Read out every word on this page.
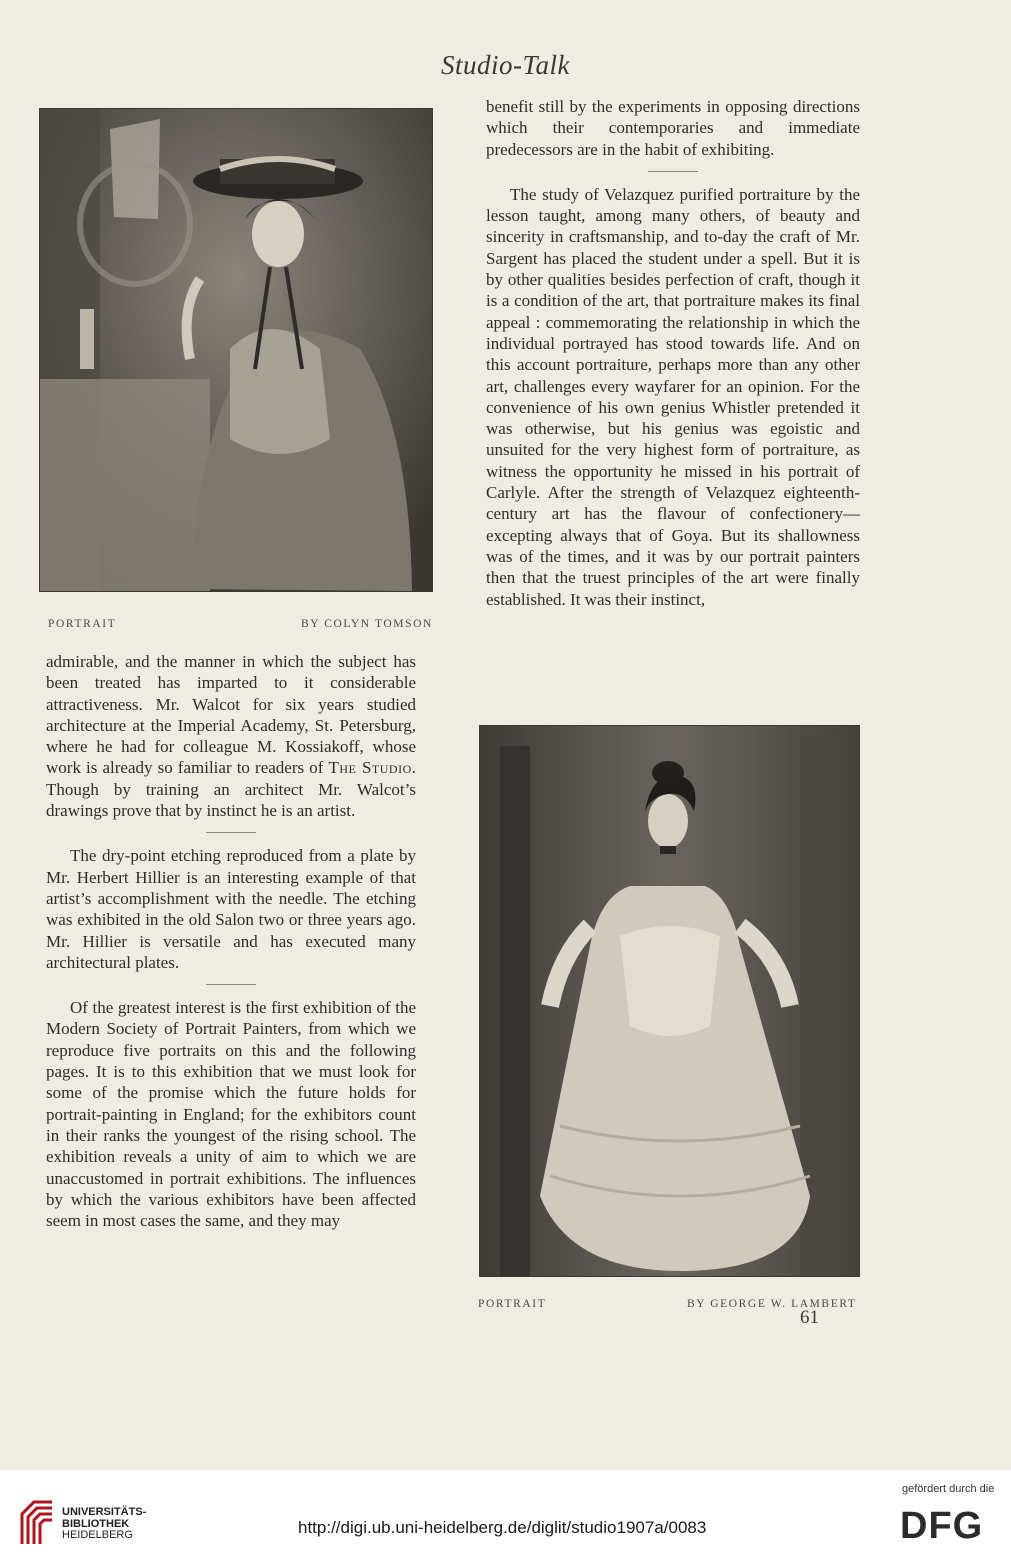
Studio-Talk
PORTRAIT	BY COLYN TOMSON

admirable, and the manner in which the subject has been treated has imparted to it considerable attractiveness. Mr. Walcot for six years studied architecture at the Imperial Academy, St. Petersburg, where he had for colleague M. Kossiakoff, whose work is already so familiar to readers of The Studio. Though by training an architect Mr. Walcot’s drawings prove that by instinct he is an artist.

The dry-point etching reproduced from a plate by Mr. Herbert Hillier is an interesting example of that artist’s accomplishment with the needle. The etching was exhibited in the old Salon two or three years ago. Mr. Hillier is versatile and has executed many architectural plates.

Of the greatest interest is the first exhibition of the Modern Society of Portrait Painters, from which we reproduce five portraits on this and the following pages. It is to this exhibition that we must look for some of the promise which the future holds for portrait-painting in England; for the exhibitors count in their ranks the youngest of the rising school. The exhibition reveals a unity of aim to which we are unaccustomed in portrait exhibitions. The influences by which the various exhibitors have been affected seem in most cases the same, and they may

benefit still by the experiments in opposing directions which their contemporaries and immediate predecessors are in the habit of exhibiting.

The study of Velazquez purified portraiture by the lesson taught, among many others, of beauty and sincerity in craftsmanship, and to-day the craft of Mr. Sargent has placed the student under a spell. But it is by other qualities besides perfection of craft, though it is a condition of the art, that portraiture makes its final appeal : commemorating the relationship in which the individual portrayed has stood towards life. And on this account portraiture, perhaps more than any other art, challenges every wayfarer for an opinion. For the convenience of his own genius Whistler pretended it was otherwise, but his genius was egoistic and unsuited for the very highest form of portraiture, as witness the opportunity he missed in his portrait of Carlyle. After the strength of Velazquez eighteenth-century art has the flavour of confectionery—excepting always that of Goya. But its shallowness was of the times, and it was by our portrait painters then that the truest principles of the art were finally established. It was their instinct,

PORTRAIT	BY GEORGE W. LAMBERT
61
UNIVERSITÄTS-
BIBLIOTHEK
HEIDELBERG	http://digi.ub.uni-heidelberg.de/diglit/studio1907a/0083
gefördert durch die
DFG
